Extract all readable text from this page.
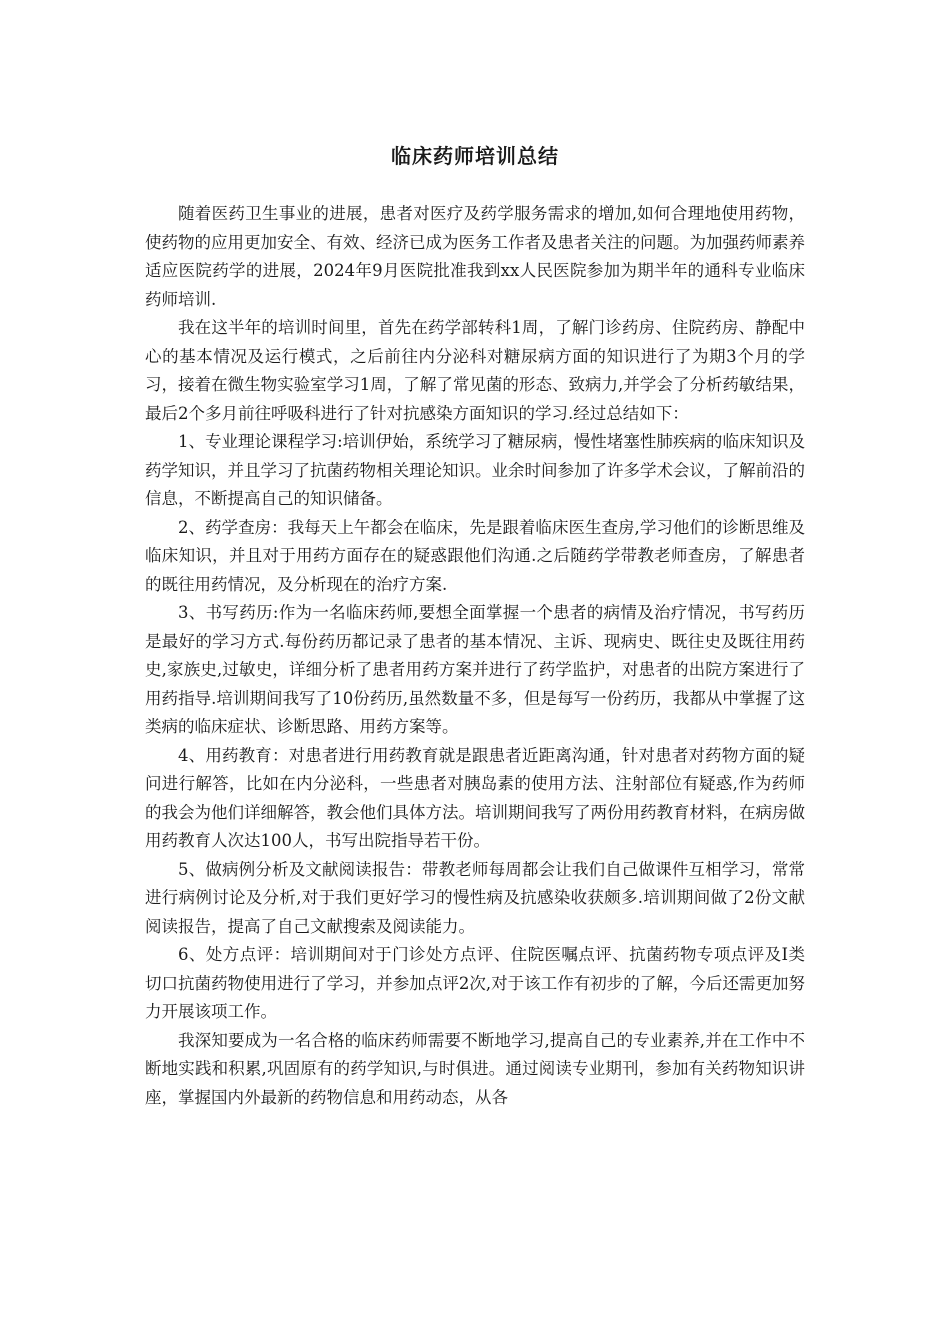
临床药师培训总结

随着医药卫生事业的进展，患者对医疗及药学服务需求的增加,如何合理地使用药物，使药物的应用更加安全、有效、经济已成为医务工作者及患者关注的问题。为加强药师素养适应医院药学的进展，2024年9月医院批准我到xx人民医院参加为期半年的通科专业临床药师培训.

我在这半年的培训时间里，首先在药学部转科1周，了解门诊药房、住院药房、静配中心的基本情况及运行模式，之后前往内分泌科对糖尿病方面的知识进行了为期3个月的学习，接着在微生物实验室学习1周，了解了常见菌的形态、致病力,并学会了分析药敏结果，最后2个多月前往呼吸科进行了针对抗感染方面知识的学习.经过总结如下：

1、专业理论课程学习:培训伊始，系统学习了糖尿病，慢性堵塞性肺疾病的临床知识及药学知识，并且学习了抗菌药物相关理论知识。业余时间参加了许多学术会议，了解前沿的信息，不断提高自己的知识储备。

2、药学查房：我每天上午都会在临床，先是跟着临床医生查房,学习他们的诊断思维及临床知识，并且对于用药方面存在的疑惑跟他们沟通.之后随药学带教老师查房，了解患者的既往用药情况，及分析现在的治疗方案.

3、书写药历:作为一名临床药师,要想全面掌握一个患者的病情及治疗情况，书写药历是最好的学习方式.每份药历都记录了患者的基本情况、主诉、现病史、既往史及既往用药史,家族史,过敏史，详细分析了患者用药方案并进行了药学监护，对患者的出院方案进行了用药指导.培训期间我写了10份药历,虽然数量不多，但是每写一份药历，我都从中掌握了这类病的临床症状、诊断思路、用药方案等。

4、用药教育：对患者进行用药教育就是跟患者近距离沟通，针对患者对药物方面的疑问进行解答，比如在内分泌科，一些患者对胰岛素的使用方法、注射部位有疑惑,作为药师的我会为他们详细解答，教会他们具体方法。培训期间我写了两份用药教育材料，在病房做用药教育人次达100人，书写出院指导若干份。

5、做病例分析及文献阅读报告：带教老师每周都会让我们自己做课件互相学习，常常进行病例讨论及分析,对于我们更好学习的慢性病及抗感染收获颇多.培训期间做了2份文献阅读报告，提高了自己文献搜索及阅读能力。

6、处方点评：培训期间对于门诊处方点评、住院医嘱点评、抗菌药物专项点评及Ⅰ类切口抗菌药物使用进行了学习，并参加点评2次,对于该工作有初步的了解，今后还需更加努力开展该项工作。

我深知要成为一名合格的临床药师需要不断地学习,提高自己的专业素养,并在工作中不断地实践和积累,巩固原有的药学知识,与时俱进。通过阅读专业期刊，参加有关药物知识讲座，掌握国内外最新的药物信息和用药动态，从各
